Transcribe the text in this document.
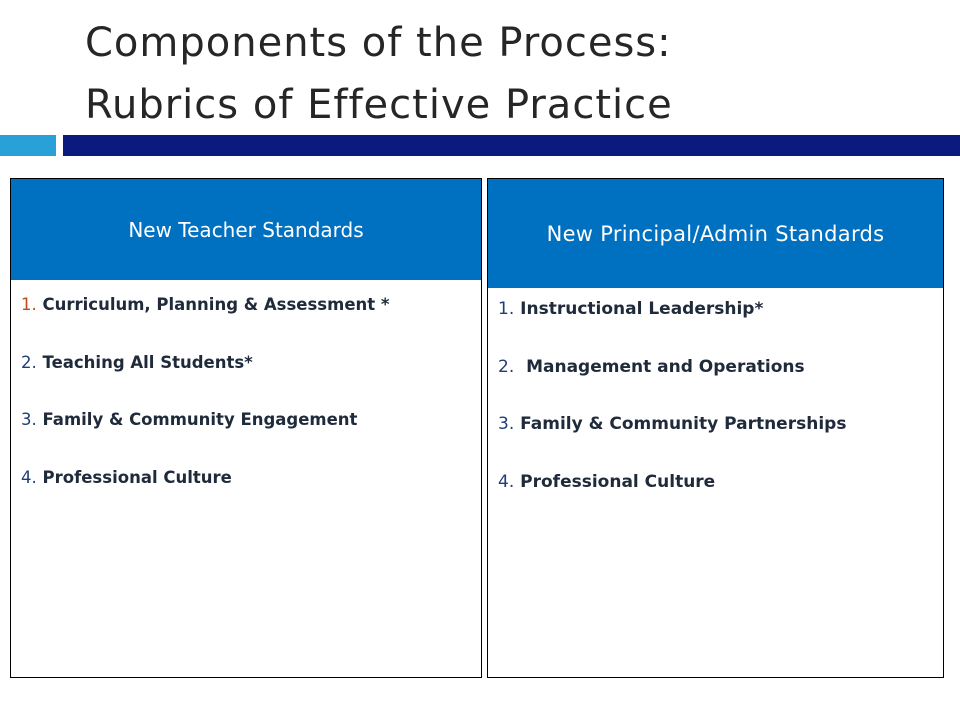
Components of the Process:
Rubrics of Effective Practice
New Teacher Standards
1. Curriculum, Planning & Assessment *
2. Teaching All Students*
3. Family & Community Engagement
4. Professional Culture
New Principal/Admin Standards
1. Instructional Leadership*
2.  Management and Operations
3. Family & Community Partnerships
4. Professional Culture
